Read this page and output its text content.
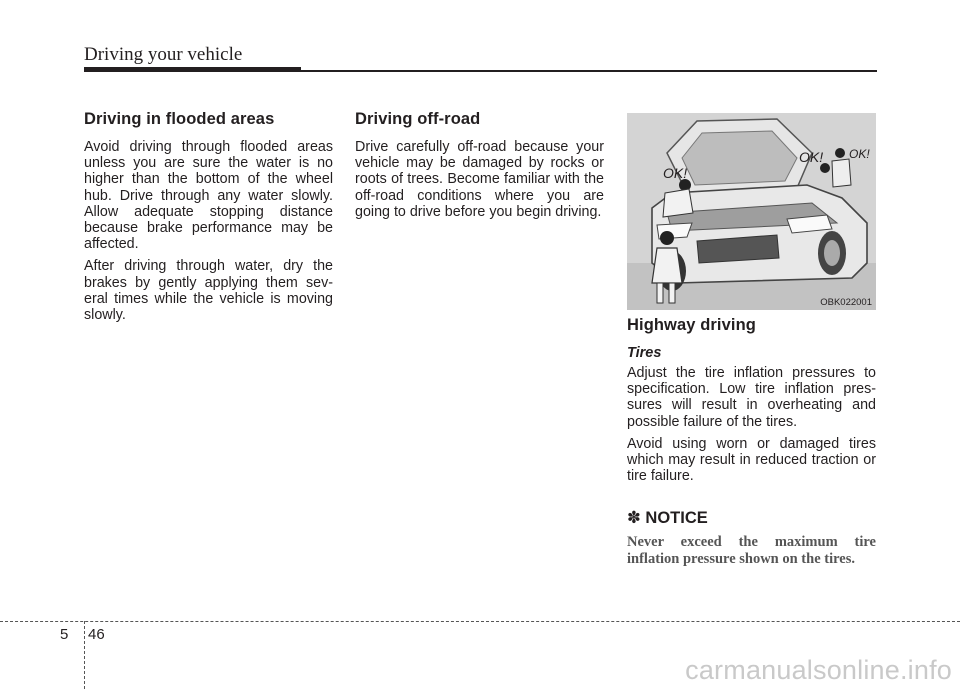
Driving your vehicle
Driving in flooded areas

Avoid driving through flooded areas unless you are sure the water is no higher than the bottom of the wheel hub. Drive through any water slowly. Allow adequate stopping distance because brake performance may be affected.

After driving through water, dry the brakes by gently applying them sev-eral times while the vehicle is moving slowly.

Driving off-road

Drive carefully off-road because your vehicle may be damaged by rocks or roots of trees. Become familiar with the off-road conditions where you are going to drive before you begin driving.

OK!
OK! OK!
OBK022001
Highway driving
Tires

Adjust the tire inflation pressures to specification. Low tire inflation pres-sures will result in overheating and possible failure of the tires.

Avoid using worn or damaged tires which may result in reduced traction or tire failure.

✽ NOTICE

Never exceed the maximum tire inflation pressure shown on the tires.

5 46
carmanualsonline.info
